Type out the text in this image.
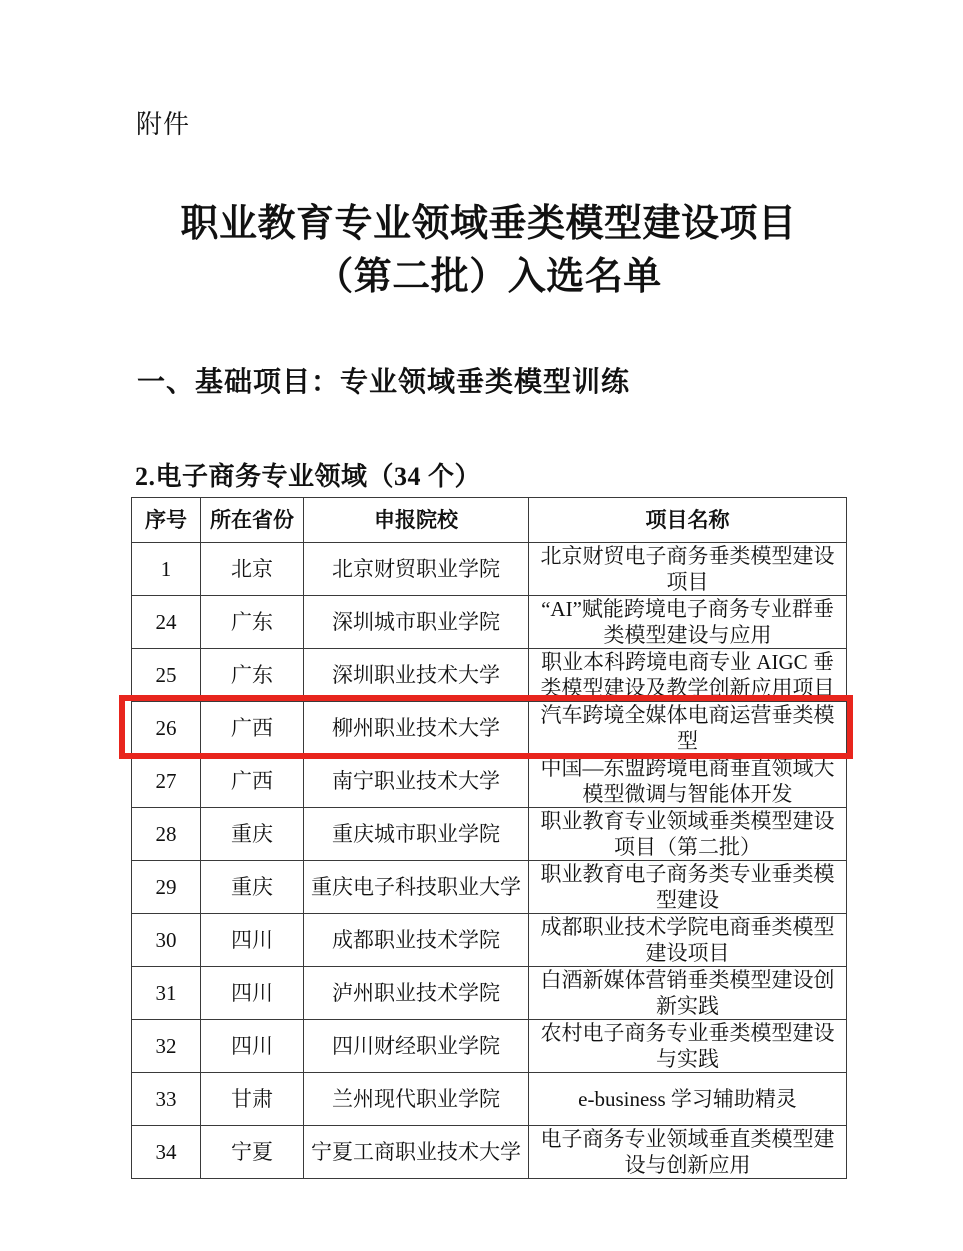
附件
职业教育专业领域垂类模型建设项目
（第二批）入选名单
一、基础项目：专业领域垂类模型训练
2.电子商务专业领域（34 个）
序号	所在省份	申报院校	项目名称
1	北京	北京财贸职业学院	北京财贸电子商务垂类模型建设项目
24	广东	深圳城市职业学院	“AI”赋能跨境电子商务专业群垂类模型建设与应用
25	广东	深圳职业技术大学	职业本科跨境电商专业 AIGC 垂类模型建设及教学创新应用项目
26	广西	柳州职业技术大学	汽车跨境全媒体电商运营垂类模型
27	广西	南宁职业技术大学	中国—东盟跨境电商垂直领域大模型微调与智能体开发
28	重庆	重庆城市职业学院	职业教育专业领域垂类模型建设项目（第二批）
29	重庆	重庆电子科技职业大学	职业教育电子商务类专业垂类模型建设
30	四川	成都职业技术学院	成都职业技术学院电商垂类模型建设项目
31	四川	泸州职业技术学院	白酒新媒体营销垂类模型建设创新实践
32	四川	四川财经职业学院	农村电子商务专业垂类模型建设与实践
33	甘肃	兰州现代职业学院	e-business 学习辅助精灵
34	宁夏	宁夏工商职业技术大学	电子商务专业领域垂直类模型建设与创新应用
